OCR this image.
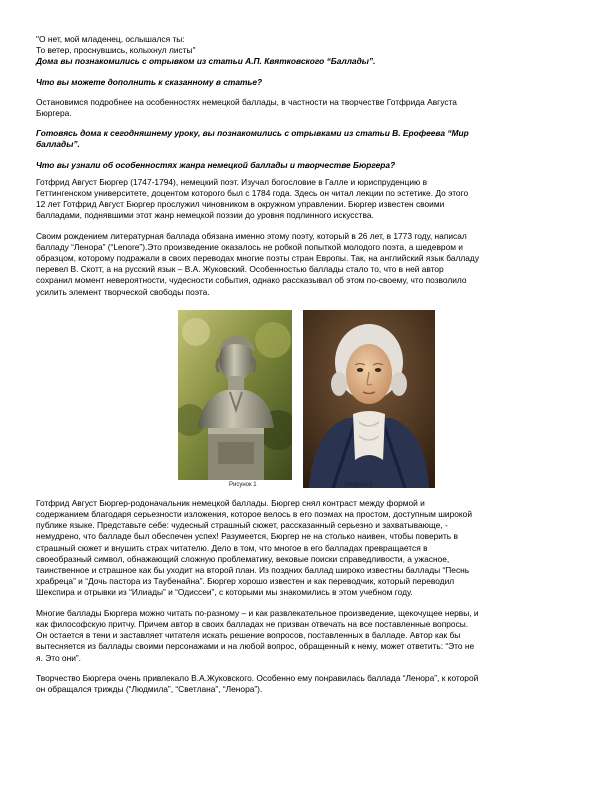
"О нет, мой младенец, ослышался ты:
То ветер, проснувшись, колыхнул листы"

Дома вы познакомились с отрывком из статьи А.П. Квятковского “Баллады”.

Что вы можете дополнить к сказанному в статье?

Остановимся подробнее на особенностях немецкой баллады, в частности на творчестве Готфрида Августа
Бюргера.

Готовясь дома к сегодняшнему уроку, вы познакомились с отрывками из статьи В. Ерофеева “Мир
баллады”.

Что вы узнали об особенностях жанра немецкой баллады и творчестве Бюргера?

Готфрид Август Бюргер (1747-1794), немецкий поэт. Изучал богословие в Галле и юриспруденцию в
Геттингенском университете, доцентом которого был с 1784 года. Здесь он читал лекции по эстетике. До этого
12 лет Готфрид Август Бюргер прослужил чиновником в окружном управлении. Бюргер известен своими
балладами, поднявшими этот жанр немецкой поэзии до уровня подлинного искусства.

Своим рождением литературная баллада обязана именно этому поэту, который в 26 лет, в 1773 году, написал
балладу “Ленора” (“Lenore”).Это произведение оказалось не робкой попыткой молодого поэта, а шедевром и
образцом, которому подражали в своих переводах многие поэты стран Европы. Так, на английский язык балладу
перевел В. Скотт, а на русский язык – В.А. Жуковский. Особенностью баллады стало то, что в ней автор
сохранил момент невероятности, чудесности события, однако рассказывал об этом по-своему, что позволило
усилить элемент творческой свободы поэта.

Рисунок 1	Рисунок 2

Готфрид Август Бюргер-родоначальник немецкой баллады. Бюргер снял контраст между формой и
содержанием благодаря серьезности изложения, которое велось в его поэмах на простом, доступным широкой
публике языке. Представьте себе: чудесный страшный сюжет, рассказанный серьезно и захватывающе, -
немудрено, что балладе был обеспечен успех! Разумеется, Бюргер не на столько наивен, чтобы поверить в
страшный сюжет и внушить страх читателю. Дело в том, что многое в его балладах превращается в
своеобразный символ, обнажающий сложную проблематику, вековые поиски справедливости, а ужасное,
таинственное и страшное как бы уходит на второй план. Из поздних баллад широко известны баллады “Песнь
храбреца” и “Дочь пастора из Таубенайна”. Бюргер хорошо известен и как переводчик, который переводил
Шекспира и отрывки из “Илиады” и “Одиссеи”, с которыми мы знакомились в этом учебном году.

Многие баллады Бюргера можно читать по-разному – и как развлекательное произведение, щекочущее нервы, и
как философскую притчу. Причем автор в своих балладах не призван отвечать на все поставленные вопросы.
Он остается в тени и заставляет читателя искать решение вопросов, поставленных в балладе. Автор как бы
вытесняется из баллады своими персонажами и на любой вопрос, обращенный к нему, может ответить: “Это не
я. Это они”.

Творчество Бюргера очень привлекало В.А.Жуковского. Особенно ему понравилась баллада “Ленора”, к которой
он обращался трижды (“Людмила”, “Светлана”, “Ленора”).
